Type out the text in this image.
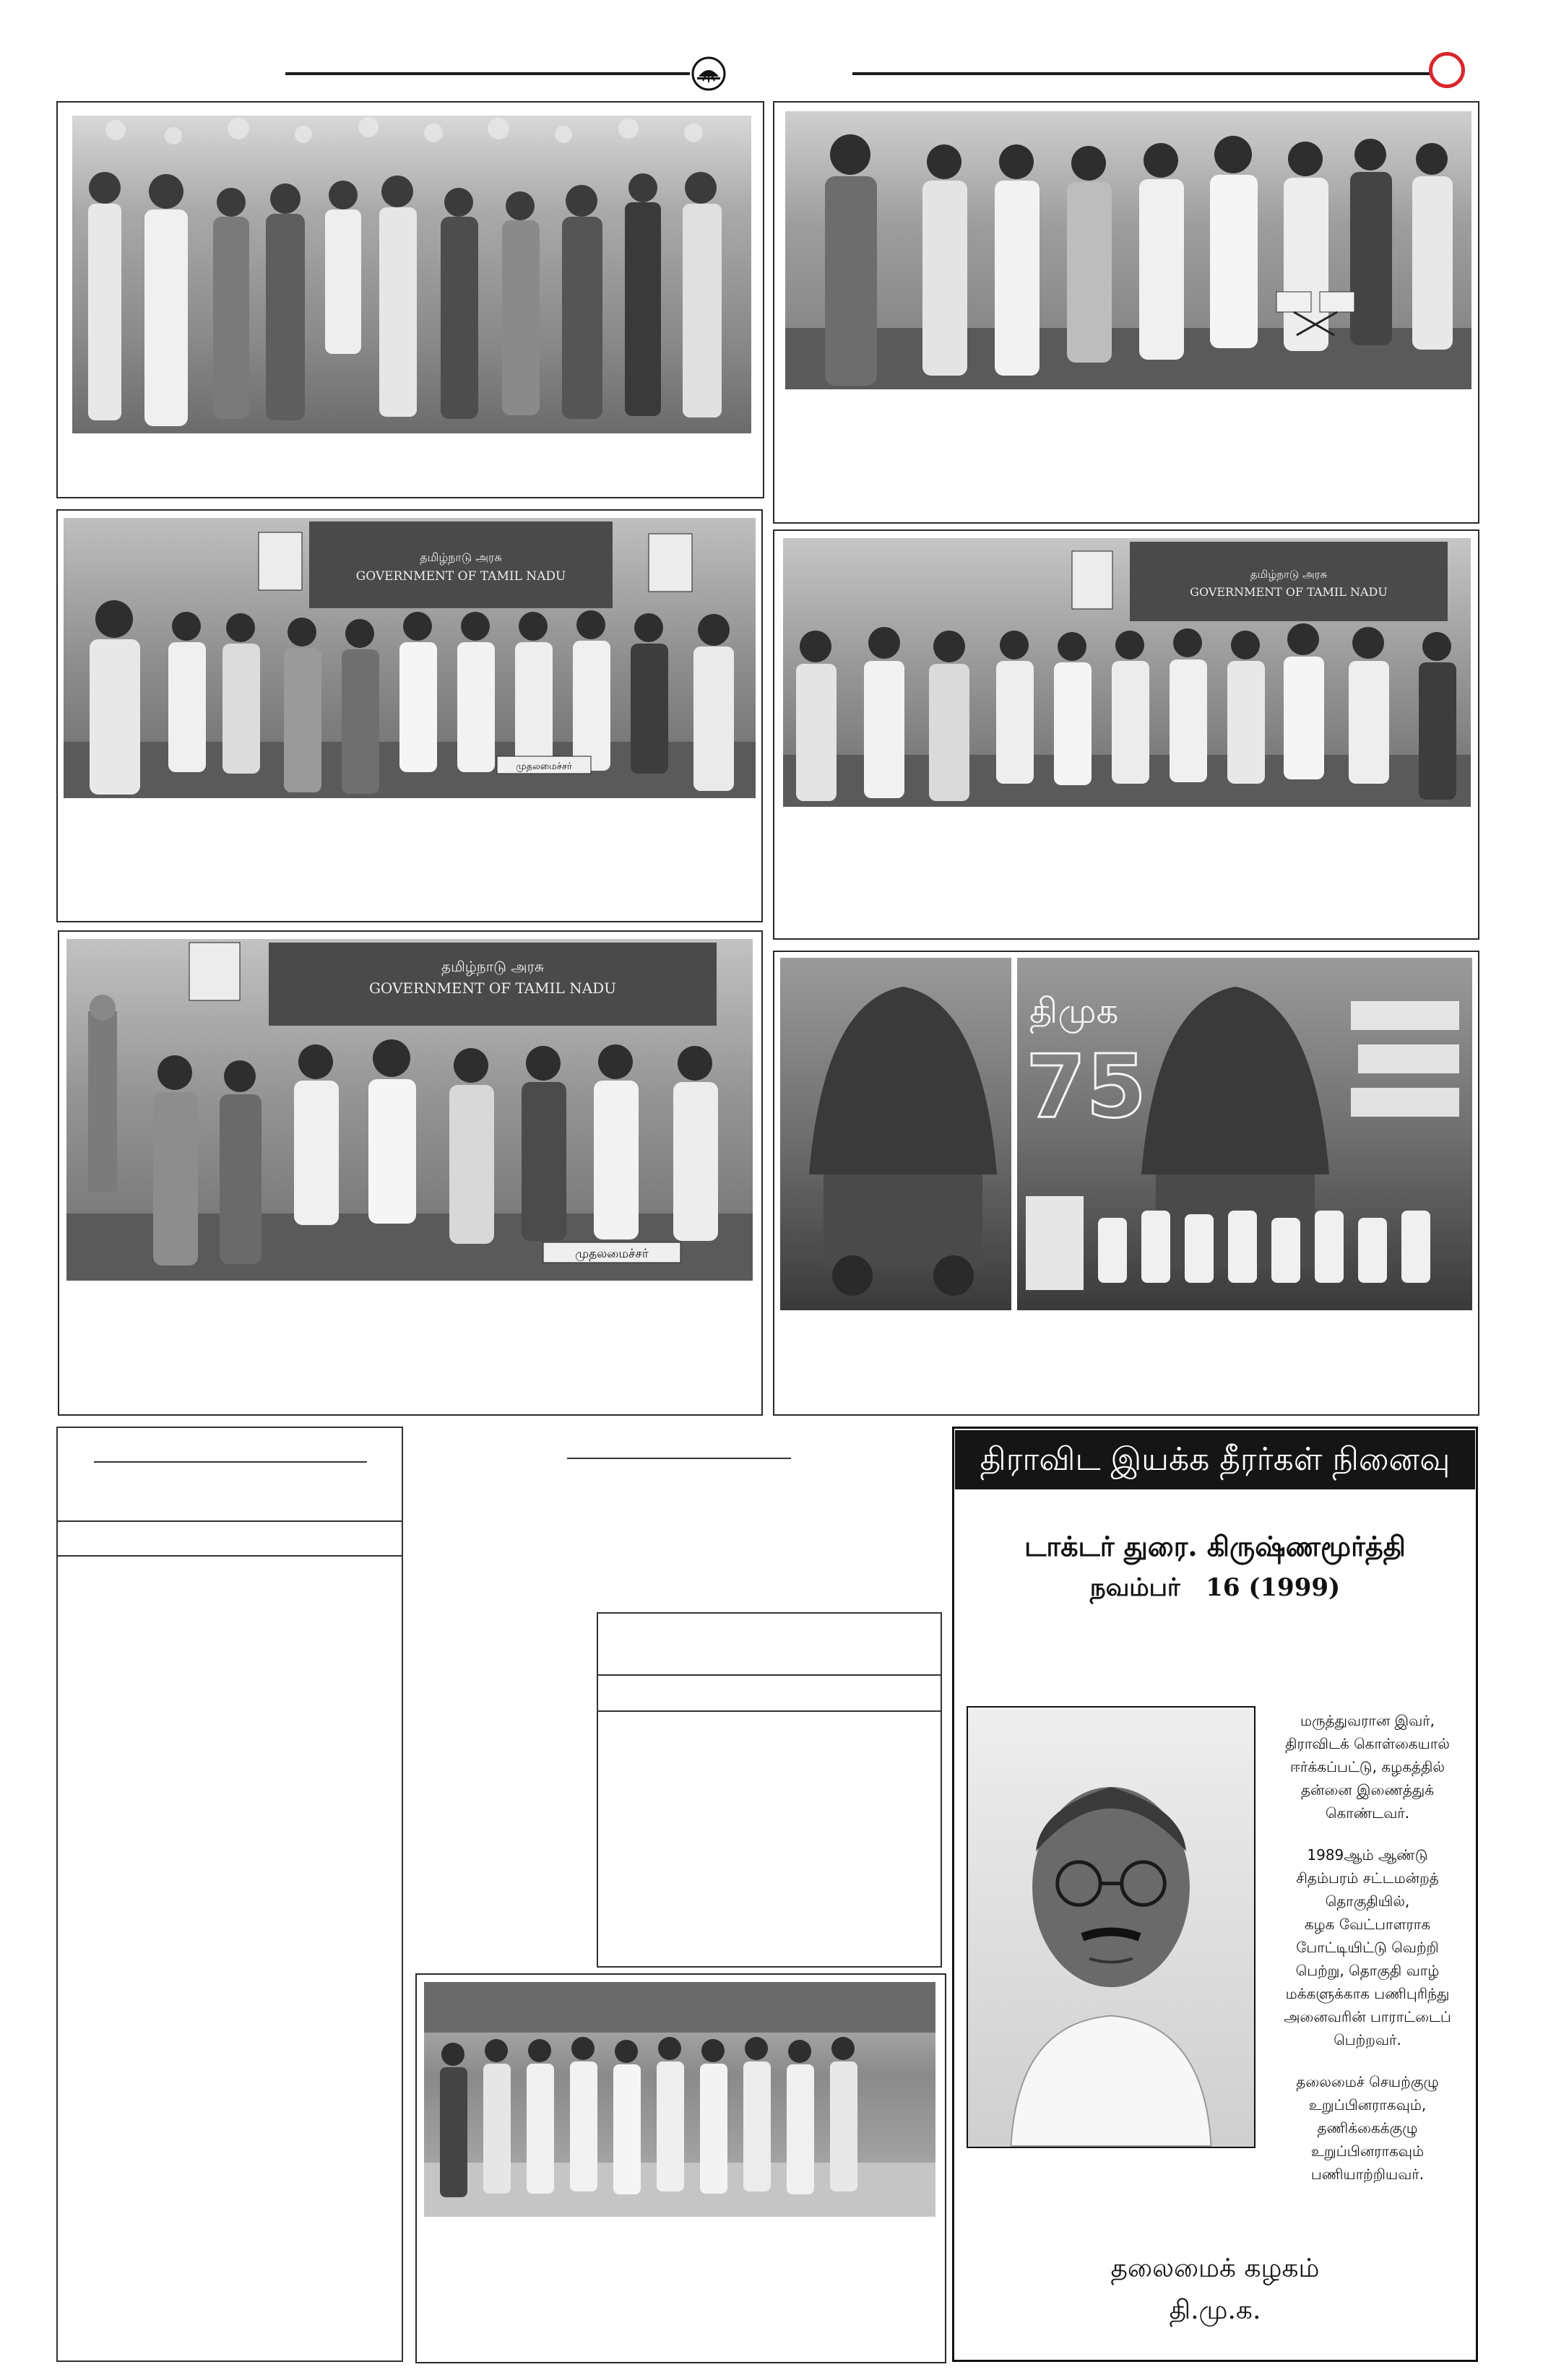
தமிழ்நாடு அரசு
GOVERNMENT OF TAMIL NADU
முதலமைச்சர்
தமிழ்நாடு அரசு
GOVERNMENT OF TAMIL NADU
தமிழ்நாடு அரசு
GOVERNMENT OF TAMIL NADU
முதலமைச்சர்
திமுக
75
திராவிட இயக்க தீரர்கள் நினைவு நாள்
டாக்டர் துரை. கிருஷ்ணமூர்த்தி
நவம்பர்   16 (1999)

மருத்துவரான இவர்,
திராவிடக் கொள்கையால்
ஈர்க்கப்பட்டு, கழகத்தில்
தன்னை இணைத்துக்
கொண்டவர்.

1989ஆம் ஆண்டு
சிதம்பரம் சட்டமன்றத்
தொகுதியில்,
கழக வேட்பாளராக
போட்டியிட்டு வெற்றி
பெற்று, தொகுதி வாழ்
மக்களுக்காக பணிபுரிந்து
அனைவரின் பாராட்டைப்
பெற்றவர்.

தலைமைச் செயற்குழு
உறுப்பினராகவும்,
தணிக்கைக்குழு
உறுப்பினராகவும்
பணியாற்றியவர்.

தலைமைக் கழகம்
தி.மு.க.
